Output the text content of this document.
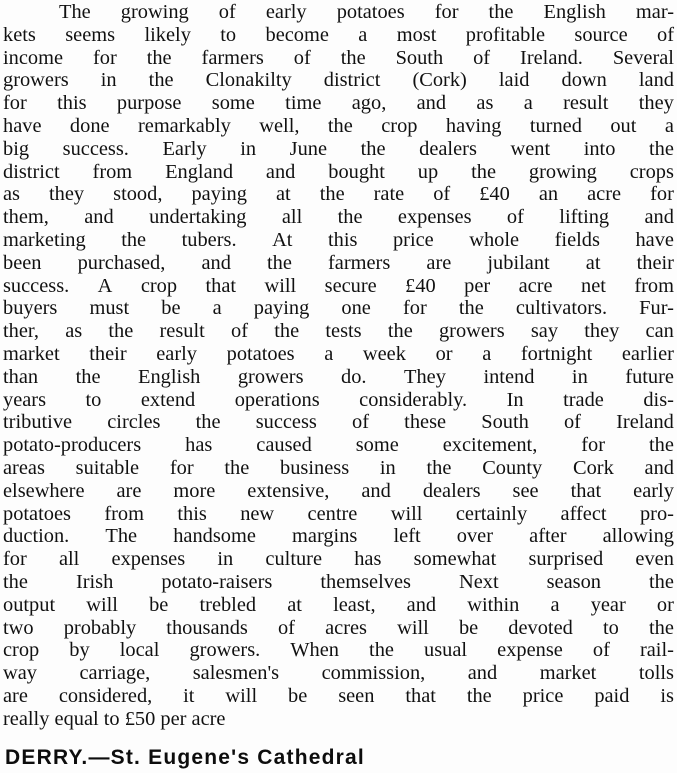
The growing of early potatoes for the English mar-
kets seems likely to become a most profitable source of
income for the farmers of the South of Ireland. Several
growers in the Clonakilty district (Cork) laid down land
for this purpose some time ago, and as a result they
have done remarkably well, the crop having turned out a
big success. Early in June the dealers went into the
district from England and bought up the growing crops
as they stood, paying at the rate of £40 an acre for
them, and undertaking all the expenses of lifting and
marketing the tubers. At this price whole fields have
been purchased, and the farmers are jubilant at their
success. A crop that will secure £40 per acre net from
buyers must be a paying one for the cultivators. Fur-
ther, as the result of the tests the growers say they can
market their early potatoes a week or a fortnight earlier
than the English growers do. They intend in future
years to extend operations considerably. In trade dis-
tributive circles the success of these South of Ireland
potato-producers has caused some excitement, for the
areas suitable for the business in the County Cork and
elsewhere are more extensive, and dealers see that early
potatoes from this new centre will certainly affect pro-
duction. The handsome margins left over after allowing
for all expenses in culture has somewhat surprised even
the Irish potato-raisers themselves Next season the
output will be trebled at least, and within a year or
two probably thousands of acres will be devoted to the
crop by local growers. When the usual expense of rail-
way carriage, salesmen's commission, and market tolls
are considered, it will be seen that the price paid is
really equal to £50 per acre
DERRY.—St. Eugene's Cathedral
